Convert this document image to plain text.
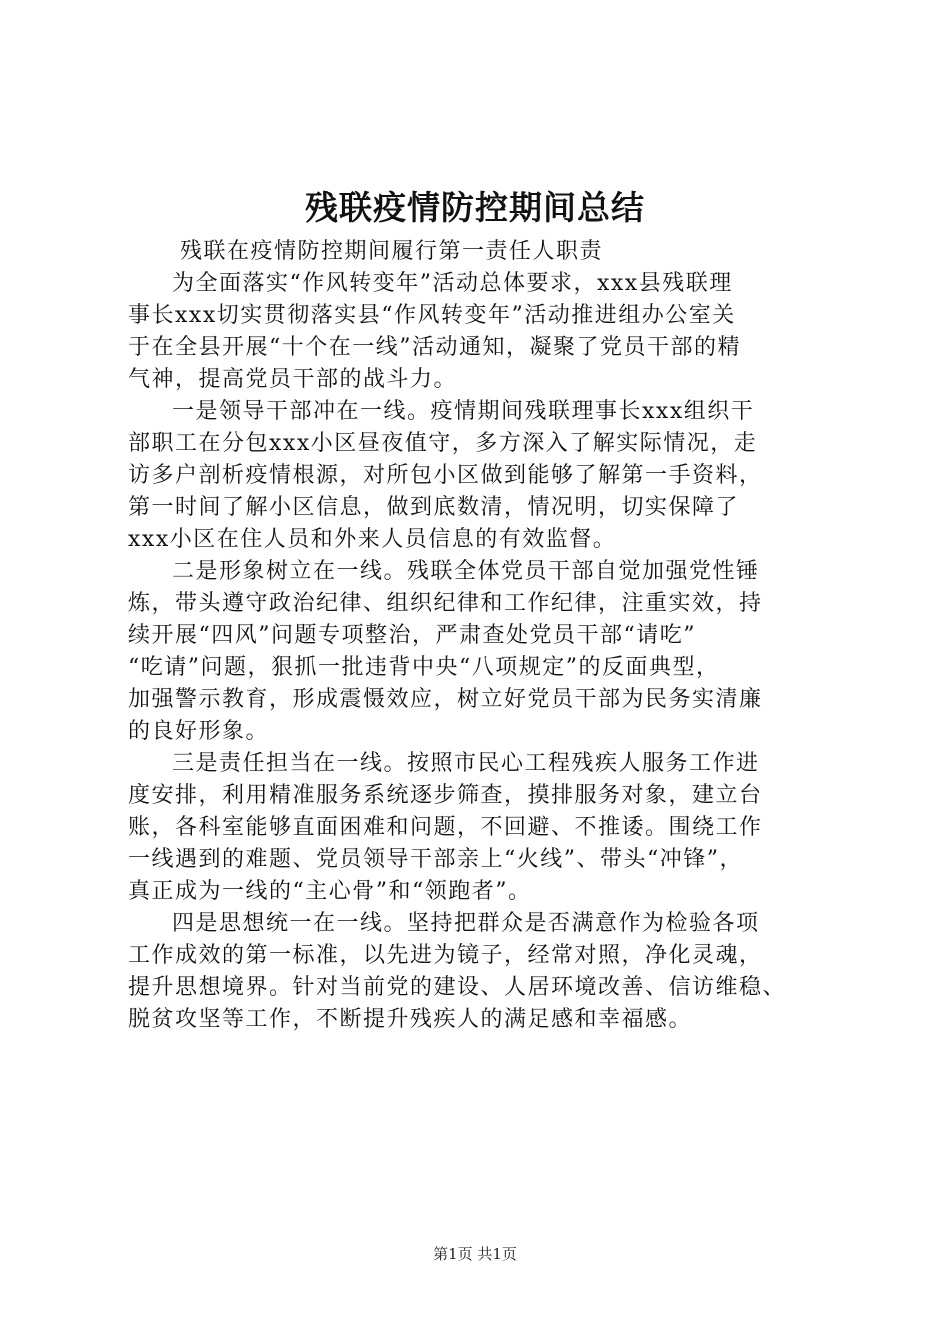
残联疫情防控期间总结

残联在疫情防控期间履行第一责任人职责

为全面落实“作风转变年”活动总体要求，xxx县残联理

事长xxx切实贯彻落实县“作风转变年”活动推进组办公室关

于在全县开展“十个在一线”活动通知，凝聚了党员干部的精

气神，提高党员干部的战斗力。

一是领导干部冲在一线。疫情期间残联理事长xxx组织干

部职工在分包xxx小区昼夜值守，多方深入了解实际情况，走

访多户剖析疫情根源，对所包小区做到能够了解第一手资料，

第一时间了解小区信息，做到底数清，情况明，切实保障了

xxx小区在住人员和外来人员信息的有效监督。

二是形象树立在一线。残联全体党员干部自觉加强党性锤

炼，带头遵守政治纪律、组织纪律和工作纪律，注重实效，持

续开展“四风”问题专项整治，严肃查处党员干部“请吃”

“吃请”问题，狠抓一批违背中央“八项规定”的反面典型，

加强警示教育，形成震慑效应，树立好党员干部为民务实清廉

的良好形象。

三是责任担当在一线。按照市民心工程残疾人服务工作进

度安排，利用精准服务系统逐步筛查，摸排服务对象，建立台

账，各科室能够直面困难和问题，不回避、不推诿。围绕工作

一线遇到的难题、党员领导干部亲上“火线”、带头“冲锋”，

真正成为一线的“主心骨”和“领跑者”。

四是思想统一在一线。坚持把群众是否满意作为检验各项

工作成效的第一标准，以先进为镜子，经常对照，净化灵魂，

提升思想境界。针对当前党的建设、人居环境改善、信访维稳、

脱贫攻坚等工作，不断提升残疾人的满足感和幸福感。

第1页 共1页
